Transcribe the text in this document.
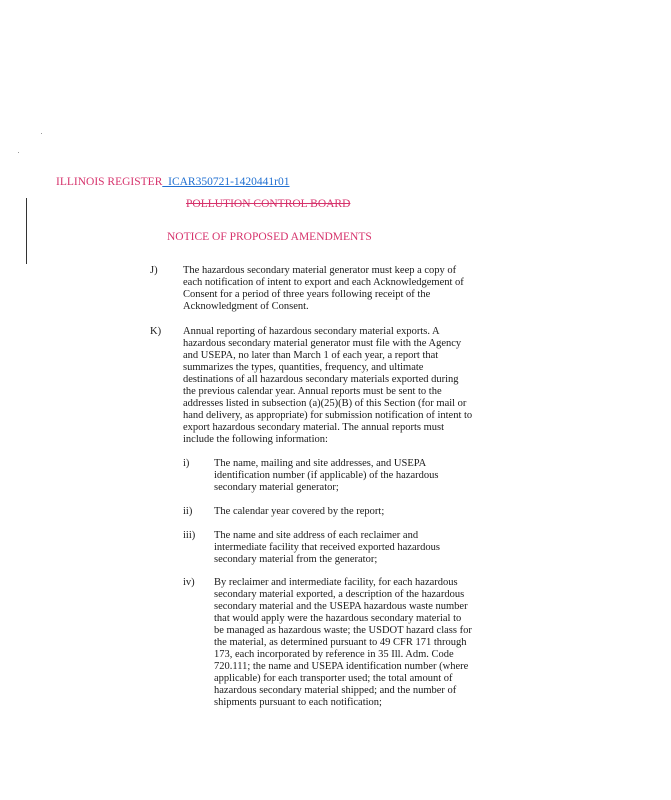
ILLINOIS REGISTER_ICAR350721-1420441r01
POLLUTION CONTROL BOARD
NOTICE OF PROPOSED AMENDMENTS
J) The hazardous secondary material generator must keep a copy of each notification of intent to export and each Acknowledgement of Consent for a period of three years following receipt of the Acknowledgment of Consent.
K) Annual reporting of hazardous secondary material exports. A hazardous secondary material generator must file with the Agency and USEPA, no later than March 1 of each year, a report that summarizes the types, quantities, frequency, and ultimate destinations of all hazardous secondary materials exported during the previous calendar year. Annual reports must be sent to the addresses listed in subsection (a)(25)(B) of this Section (for mail or hand delivery, as appropriate) for submission notification of intent to export hazardous secondary material. The annual reports must include the following information:
i) The name, mailing and site addresses, and USEPA identification number (if applicable) of the hazardous secondary material generator;
ii) The calendar year covered by the report;
iii) The name and site address of each reclaimer and intermediate facility that received exported hazardous secondary material from the generator;
iv) By reclaimer and intermediate facility, for each hazardous secondary material exported, a description of the hazardous secondary material and the USEPA hazardous waste number that would apply were the hazardous secondary material to be managed as hazardous waste; the USDOT hazard class for the material, as determined pursuant to 49 CFR 171 through 173, each incorporated by reference in 35 Ill. Adm. Code 720.111; the name and USEPA identification number (where applicable) for each transporter used; the total amount of hazardous secondary material shipped; and the number of shipments pursuant to each notification;
